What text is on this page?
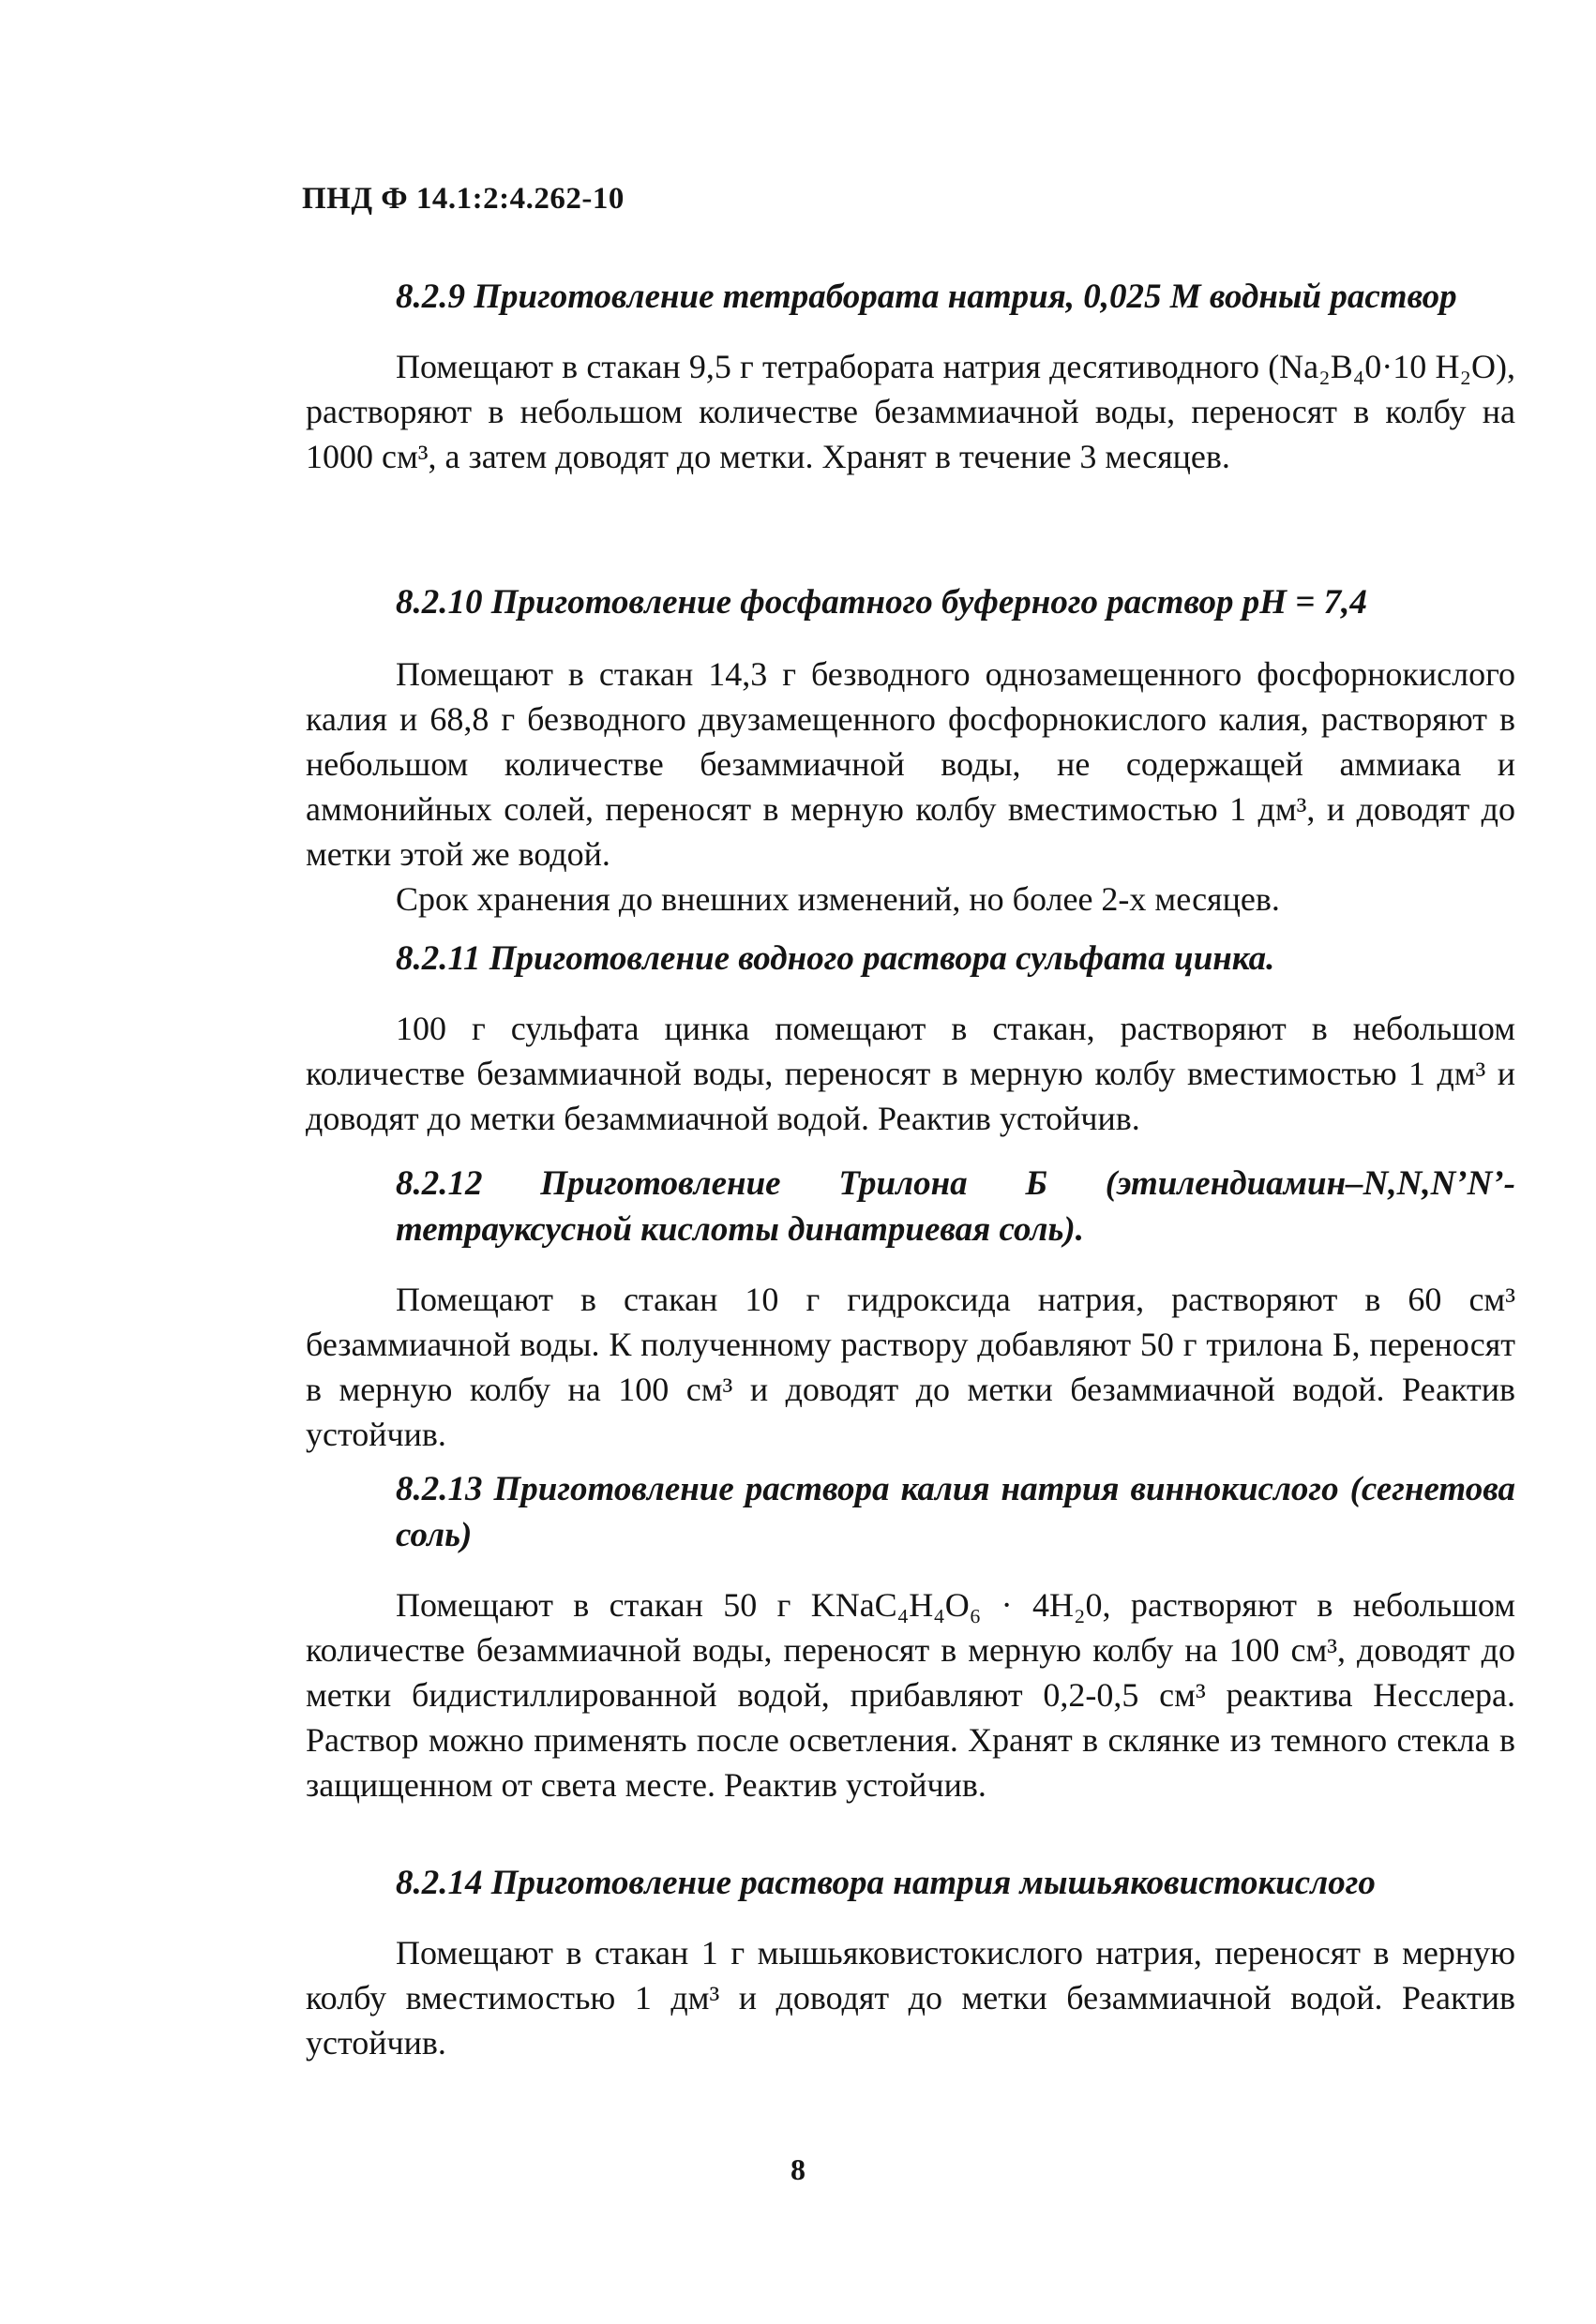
ПНД Ф 14.1:2:4.262-10

8.2.9 Приготовление тетрабората натрия, 0,025 М водный раствор

Помещают в стакан 9,5 г тетрабората натрия десятиводного (Na₂B₄0·10 H₂O), растворяют в небольшом количестве безаммиачной воды, переносят в колбу на 1000 см³, а затем доводят до метки. Хранят в течение 3 месяцев.

8.2.10 Приготовление фосфатного буферного раствор рН = 7,4

Помещают в стакан 14,3 г безводного однозамещенного фосфорнокислого калия и 68,8 г безводного двузамещенного фосфорнокислого калия, растворяют в небольшом количестве безаммиачной воды, не содержащей аммиака и аммонийных солей, переносят в мерную колбу вместимостью 1 дм³, и доводят до метки этой же водой.

Срок хранения до внешних изменений, но более 2-х месяцев.

8.2.11 Приготовление водного раствора сульфата цинка.

100 г сульфата цинка помещают в стакан, растворяют в небольшом количестве безаммиачной воды, переносят в мерную колбу вместимостью 1 дм³ и доводят до метки безаммиачной водой. Реактив устойчив.

8.2.12 Приготовление Трилона Б (этилендиамин–N,N,N’N’-тетрауксусной кислоты динатриевая соль).

Помещают в стакан 10 г гидроксида натрия, растворяют в 60 см³ безаммиачной воды. К полученному раствору добавляют 50 г трилона Б, переносят в мерную колбу на 100 см³ и доводят до метки безаммиачной водой. Реактив устойчив.

8.2.13 Приготовление раствора калия натрия виннокислого (сегнетова соль)

Помещают в стакан 50 г KNaC₄H₄O₆ · 4H₂0, растворяют в небольшом количестве безаммиачной воды, переносят в мерную колбу на 100 см³, доводят до метки бидистиллированной водой, прибавляют 0,2-0,5 см³ реактива Несслера. Раствор можно применять после осветления. Хранят в склянке из темного стекла в защищенном от света месте. Реактив устойчив.

8.2.14 Приготовление раствора натрия мышьяковистокислого

Помещают в стакан 1 г мышьяковистокислого натрия, переносят в мерную колбу вместимостью 1 дм³ и доводят до метки безаммиачной водой. Реактив устойчив.

8
